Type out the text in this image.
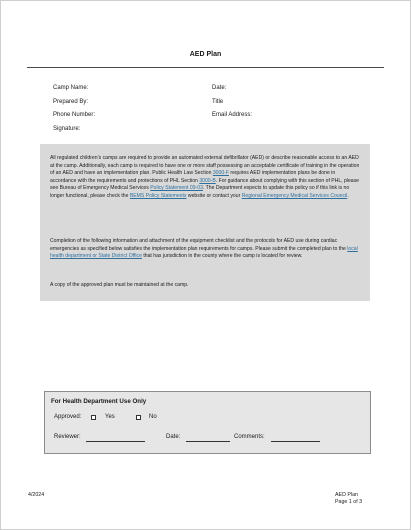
AED Plan
Camp Name:	Date:
Prepared By:	Title
Phone Number:	Email Address:
Signature:

All regulated children’s camps are required to provide an automated external defibrillator (AED) or describe reasonable access to an AED at the camp. Additionally, each camp is required to have one or more staff possessing an acceptable certificate of training in the operation of an AED and have an implementation plan. Public Health Law Section 3000-F requires AED implementation plans be done in accordance with the requirements and protections of PHL Section 3000-B. For guidance about complying with this section of PHL, please see Bureau of Emergency Medical Services Policy Statement 09-03. The Department expects to update this policy so if this link is no longer functional, please check the BEMS Policy Statements website or contact your Regional Emergency Medical Services Council.

Completion of the following information and attachment of the equipment checklist and the protocols for AED use during cardiac emergencies as specified below satisfies the implementation plan requirements for camps. Please submit the completed plan to the local health department or State District Office that has jurisdiction in the county where the camp is located for review.

A copy of the approved plan must be maintained at the camp.

For Health Department Use Only
Approved:	Yes	No
Reviewer:	Date:	Comments:
4/2024	AED Plan
Page 1 of 3
